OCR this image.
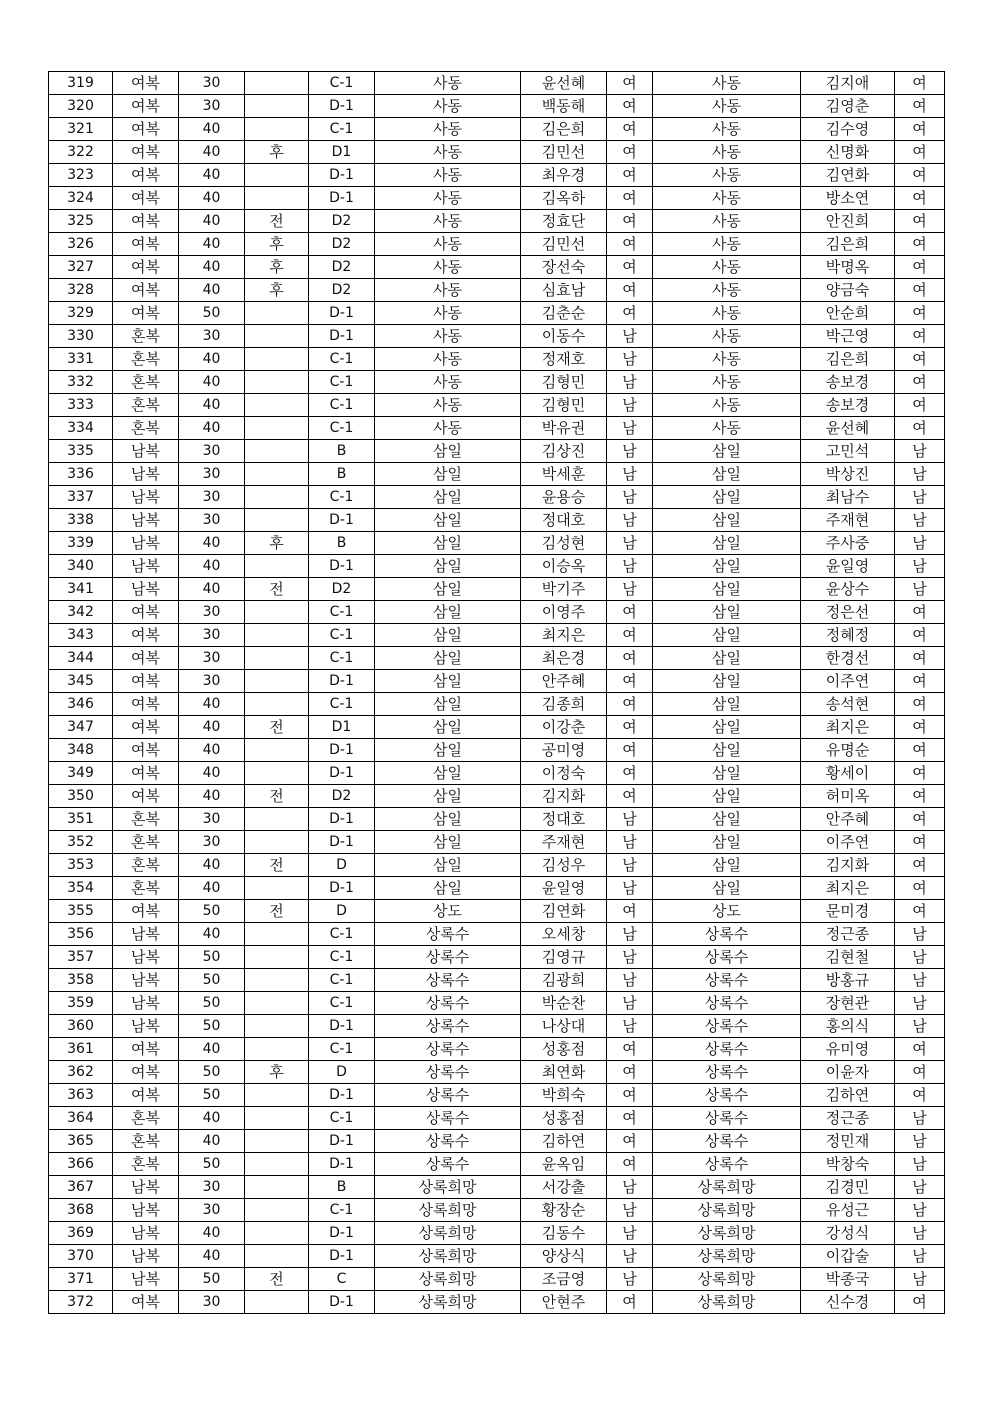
319	여복	30		C-1	사동	윤선혜	여	사동	김지애	여
320	여복	30		D-1	사동	백동해	여	사동	김영춘	여
321	여복	40		C-1	사동	김은희	여	사동	김수영	여
322	여복	40	후	D1	사동	김민선	여	사동	신명화	여
323	여복	40		D-1	사동	최우경	여	사동	김연화	여
324	여복	40		D-1	사동	김옥하	여	사동	방소연	여
325	여복	40	전	D2	사동	정효단	여	사동	안진희	여
326	여복	40	후	D2	사동	김민선	여	사동	김은희	여
327	여복	40	후	D2	사동	장선숙	여	사동	박명옥	여
328	여복	40	후	D2	사동	심효남	여	사동	양금숙	여
329	여복	50		D-1	사동	김춘순	여	사동	안순희	여
330	혼복	30		D-1	사동	이동수	남	사동	박근영	여
331	혼복	40		C-1	사동	정재호	남	사동	김은희	여
332	혼복	40		C-1	사동	김형민	남	사동	송보경	여
333	혼복	40		C-1	사동	김형민	남	사동	송보경	여
334	혼복	40		C-1	사동	박유권	남	사동	윤선혜	여
335	남복	30		B	삼일	김상진	남	삼일	고민석	남
336	남복	30		B	삼일	박세훈	남	삼일	박상진	남
337	남복	30		C-1	삼일	윤용승	남	삼일	최남수	남
338	남복	30		D-1	삼일	정대호	남	삼일	주재현	남
339	남복	40	후	B	삼일	김성현	남	삼일	주사중	남
340	남복	40		D-1	삼일	이승옥	남	삼일	윤일영	남
341	남복	40	전	D2	삼일	박기주	남	삼일	윤상수	남
342	여복	30		C-1	삼일	이영주	여	삼일	정은선	여
343	여복	30		C-1	삼일	최지은	여	삼일	정혜정	여
344	여복	30		C-1	삼일	최은경	여	삼일	한경선	여
345	여복	30		D-1	삼일	안주혜	여	삼일	이주연	여
346	여복	40		C-1	삼일	김종희	여	삼일	송석현	여
347	여복	40	전	D1	삼일	이강춘	여	삼일	최지은	여
348	여복	40		D-1	삼일	공미영	여	삼일	유명순	여
349	여복	40		D-1	삼일	이정숙	여	삼일	황세이	여
350	여복	40	전	D2	삼일	김지화	여	삼일	허미옥	여
351	혼복	30		D-1	삼일	정대호	남	삼일	안주혜	여
352	혼복	30		D-1	삼일	주재현	남	삼일	이주연	여
353	혼복	40	전	D	삼일	김성우	남	삼일	김지화	여
354	혼복	40		D-1	삼일	윤일영	남	삼일	최지은	여
355	여복	50	전	D	상도	김연화	여	상도	문미경	여
356	남복	40		C-1	상록수	오세창	남	상록수	정근종	남
357	남복	50		C-1	상록수	김영규	남	상록수	김현철	남
358	남복	50		C-1	상록수	김광희	남	상록수	방홍규	남
359	남복	50		C-1	상록수	박순찬	남	상록수	장현관	남
360	남복	50		D-1	상록수	나상대	남	상록수	홍의식	남
361	여복	40		C-1	상록수	성홍점	여	상록수	유미영	여
362	여복	50	후	D	상록수	최연화	여	상록수	이윤자	여
363	여복	50		D-1	상록수	박희숙	여	상록수	김하연	여
364	혼복	40		C-1	상록수	성홍점	여	상록수	정근종	남
365	혼복	40		D-1	상록수	김하연	여	상록수	정민재	남
366	혼복	50		D-1	상록수	윤옥임	여	상록수	박창숙	남
367	남복	30		B	상록희망	서강출	남	상록희망	김경민	남
368	남복	30		C-1	상록희망	황장순	남	상록희망	유성근	남
369	남복	40		D-1	상록희망	김동수	남	상록희망	강성식	남
370	남복	40		D-1	상록희망	양상식	남	상록희망	이갑술	남
371	남복	50	전	C	상록희망	조금영	남	상록희망	박종국	남
372	여복	30		D-1	상록희망	안현주	여	상록희망	신수경	여
